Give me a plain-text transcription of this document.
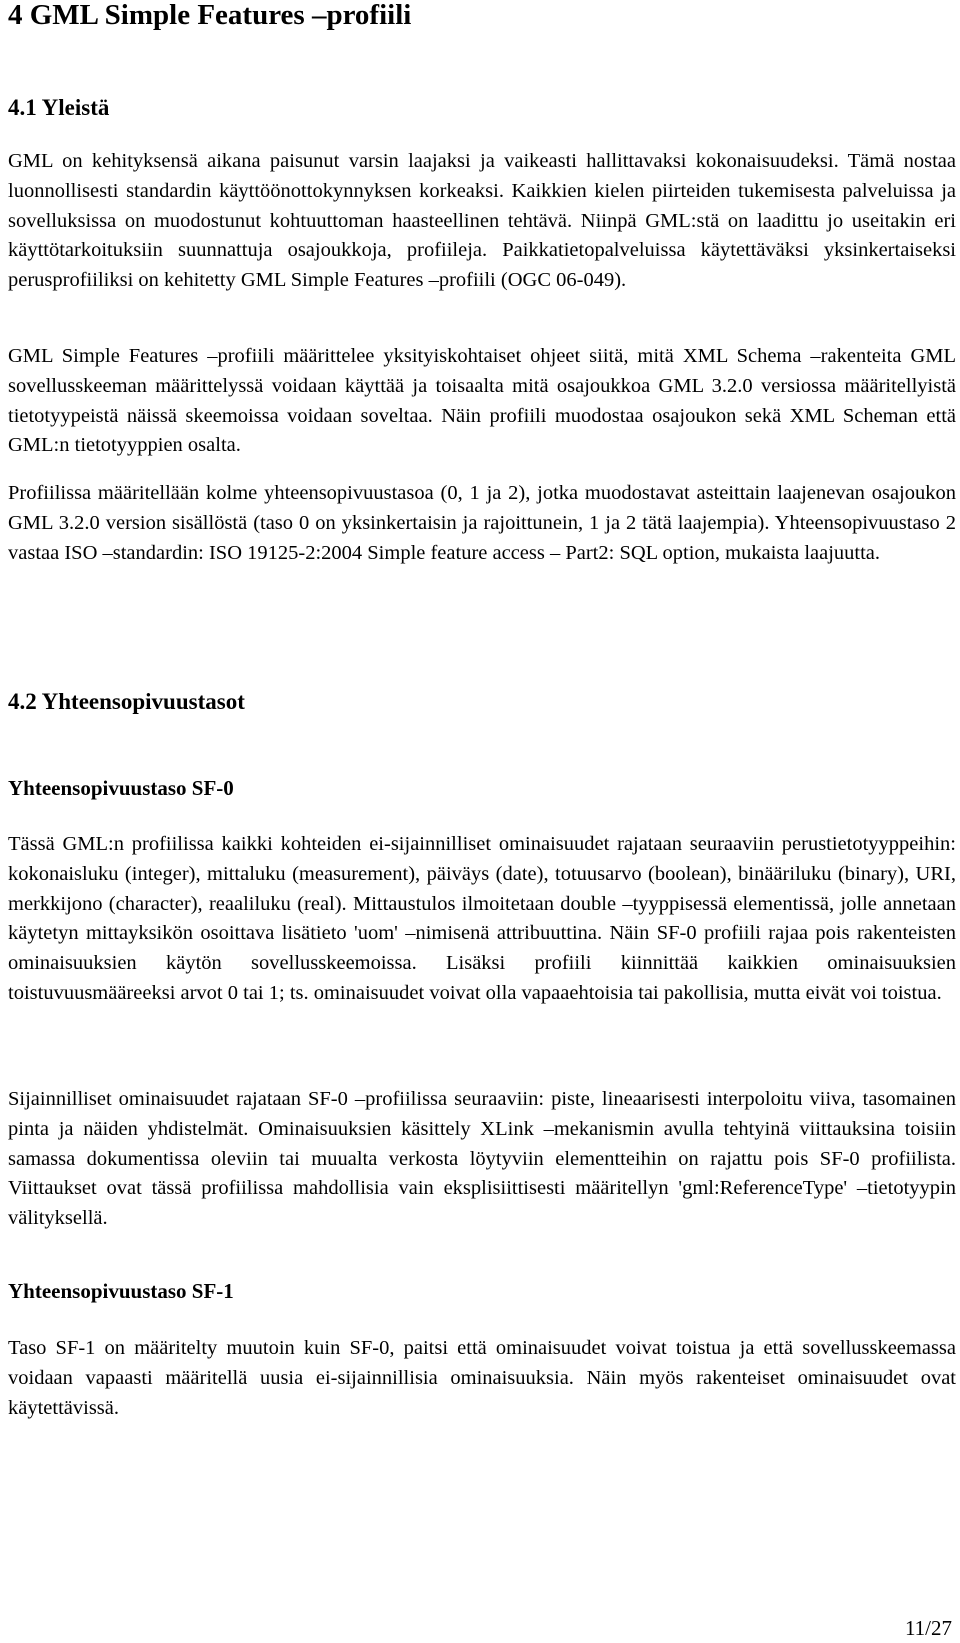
4 GML Simple Features –profiili
4.1 Yleistä

GML on kehityksensä aikana paisunut varsin laajaksi ja vaikeasti hallittavaksi kokonaisuudeksi. Tämä nostaa luonnollisesti standardin käyttöönottokynnyksen korkeaksi. Kaikkien kielen piirteiden tukemisesta palveluissa ja sovelluksissa on muodostunut kohtuuttoman haasteellinen tehtävä. Niinpä GML:stä on laadittu jo useitakin eri käyttötarkoituksiin suunnattuja osajoukkoja, profiileja. Paikkatietopalveluissa käytettäväksi yksinkertaiseksi perusprofiiliksi on kehitetty GML Simple Features –profiili (OGC 06-049).

GML Simple Features –profiili määrittelee yksityiskohtaiset ohjeet siitä, mitä XML Schema –rakenteita GML sovellusskeeman määrittelyssä voidaan käyttää ja toisaalta mitä osajoukkoa GML 3.2.0 versiossa määritellyistä tietotyypeistä näissä skeemoissa voidaan soveltaa. Näin profiili muodostaa osajoukon sekä XML Scheman että GML:n tietotyyppien osalta.

Profiilissa määritellään kolme yhteensopivuustasoa (0, 1 ja 2), jotka muodostavat asteittain laajenevan osajoukon GML 3.2.0 version sisällöstä (taso 0 on yksinkertaisin ja rajoittunein, 1 ja 2 tätä laajempia). Yhteensopivuustaso 2 vastaa ISO –standardin: ISO 19125-2:2004 Simple feature access – Part2: SQL option, mukaista laajuutta.

4.2 Yhteensopivuustasot
Yhteensopivuustaso SF-0

Tässä GML:n profiilissa kaikki kohteiden ei-sijainnilliset ominaisuudet rajataan seuraaviin perustietotyyppeihin: kokonaisluku (integer), mittaluku (measurement), päiväys (date), totuusarvo (boolean), binääriluku (binary), URI, merkkijono (character), reaaliluku (real). Mittaustulos ilmoitetaan double –tyyppisessä elementissä, jolle annetaan käytetyn mittayksikön osoittava lisätieto 'uom' –nimisenä attribuuttina. Näin SF-0 profiili rajaa pois rakenteisten ominaisuuksien käytön sovellusskeemoissa. Lisäksi profiili kiinnittää kaikkien ominaisuuksien toistuvuusmääreeksi arvot 0 tai 1; ts. ominaisuudet voivat olla vapaaehtoisia tai pakollisia, mutta eivät voi toistua.

Sijainnilliset ominaisuudet rajataan SF-0 –profiilissa seuraaviin: piste, lineaarisesti interpoloitu viiva, tasomainen pinta ja näiden yhdistelmät. Ominaisuuksien käsittely XLink –mekanismin avulla tehtyinä viittauksina toisiin samassa dokumentissa oleviin tai muualta verkosta löytyviin elementteihin on rajattu pois SF-0 profiilista. Viittaukset ovat tässä profiilissa mahdollisia vain eksplisiittisesti määritellyn 'gml:ReferenceType' –tietotyypin välityksellä.

Yhteensopivuustaso SF-1

Taso SF-1 on määritelty muutoin kuin SF-0, paitsi että ominaisuudet voivat toistua ja että sovellusskeemassa voidaan vapaasti määritellä uusia ei-sijainnillisia ominaisuuksia. Näin myös rakenteiset ominaisuudet ovat käytettävissä.

11/27
